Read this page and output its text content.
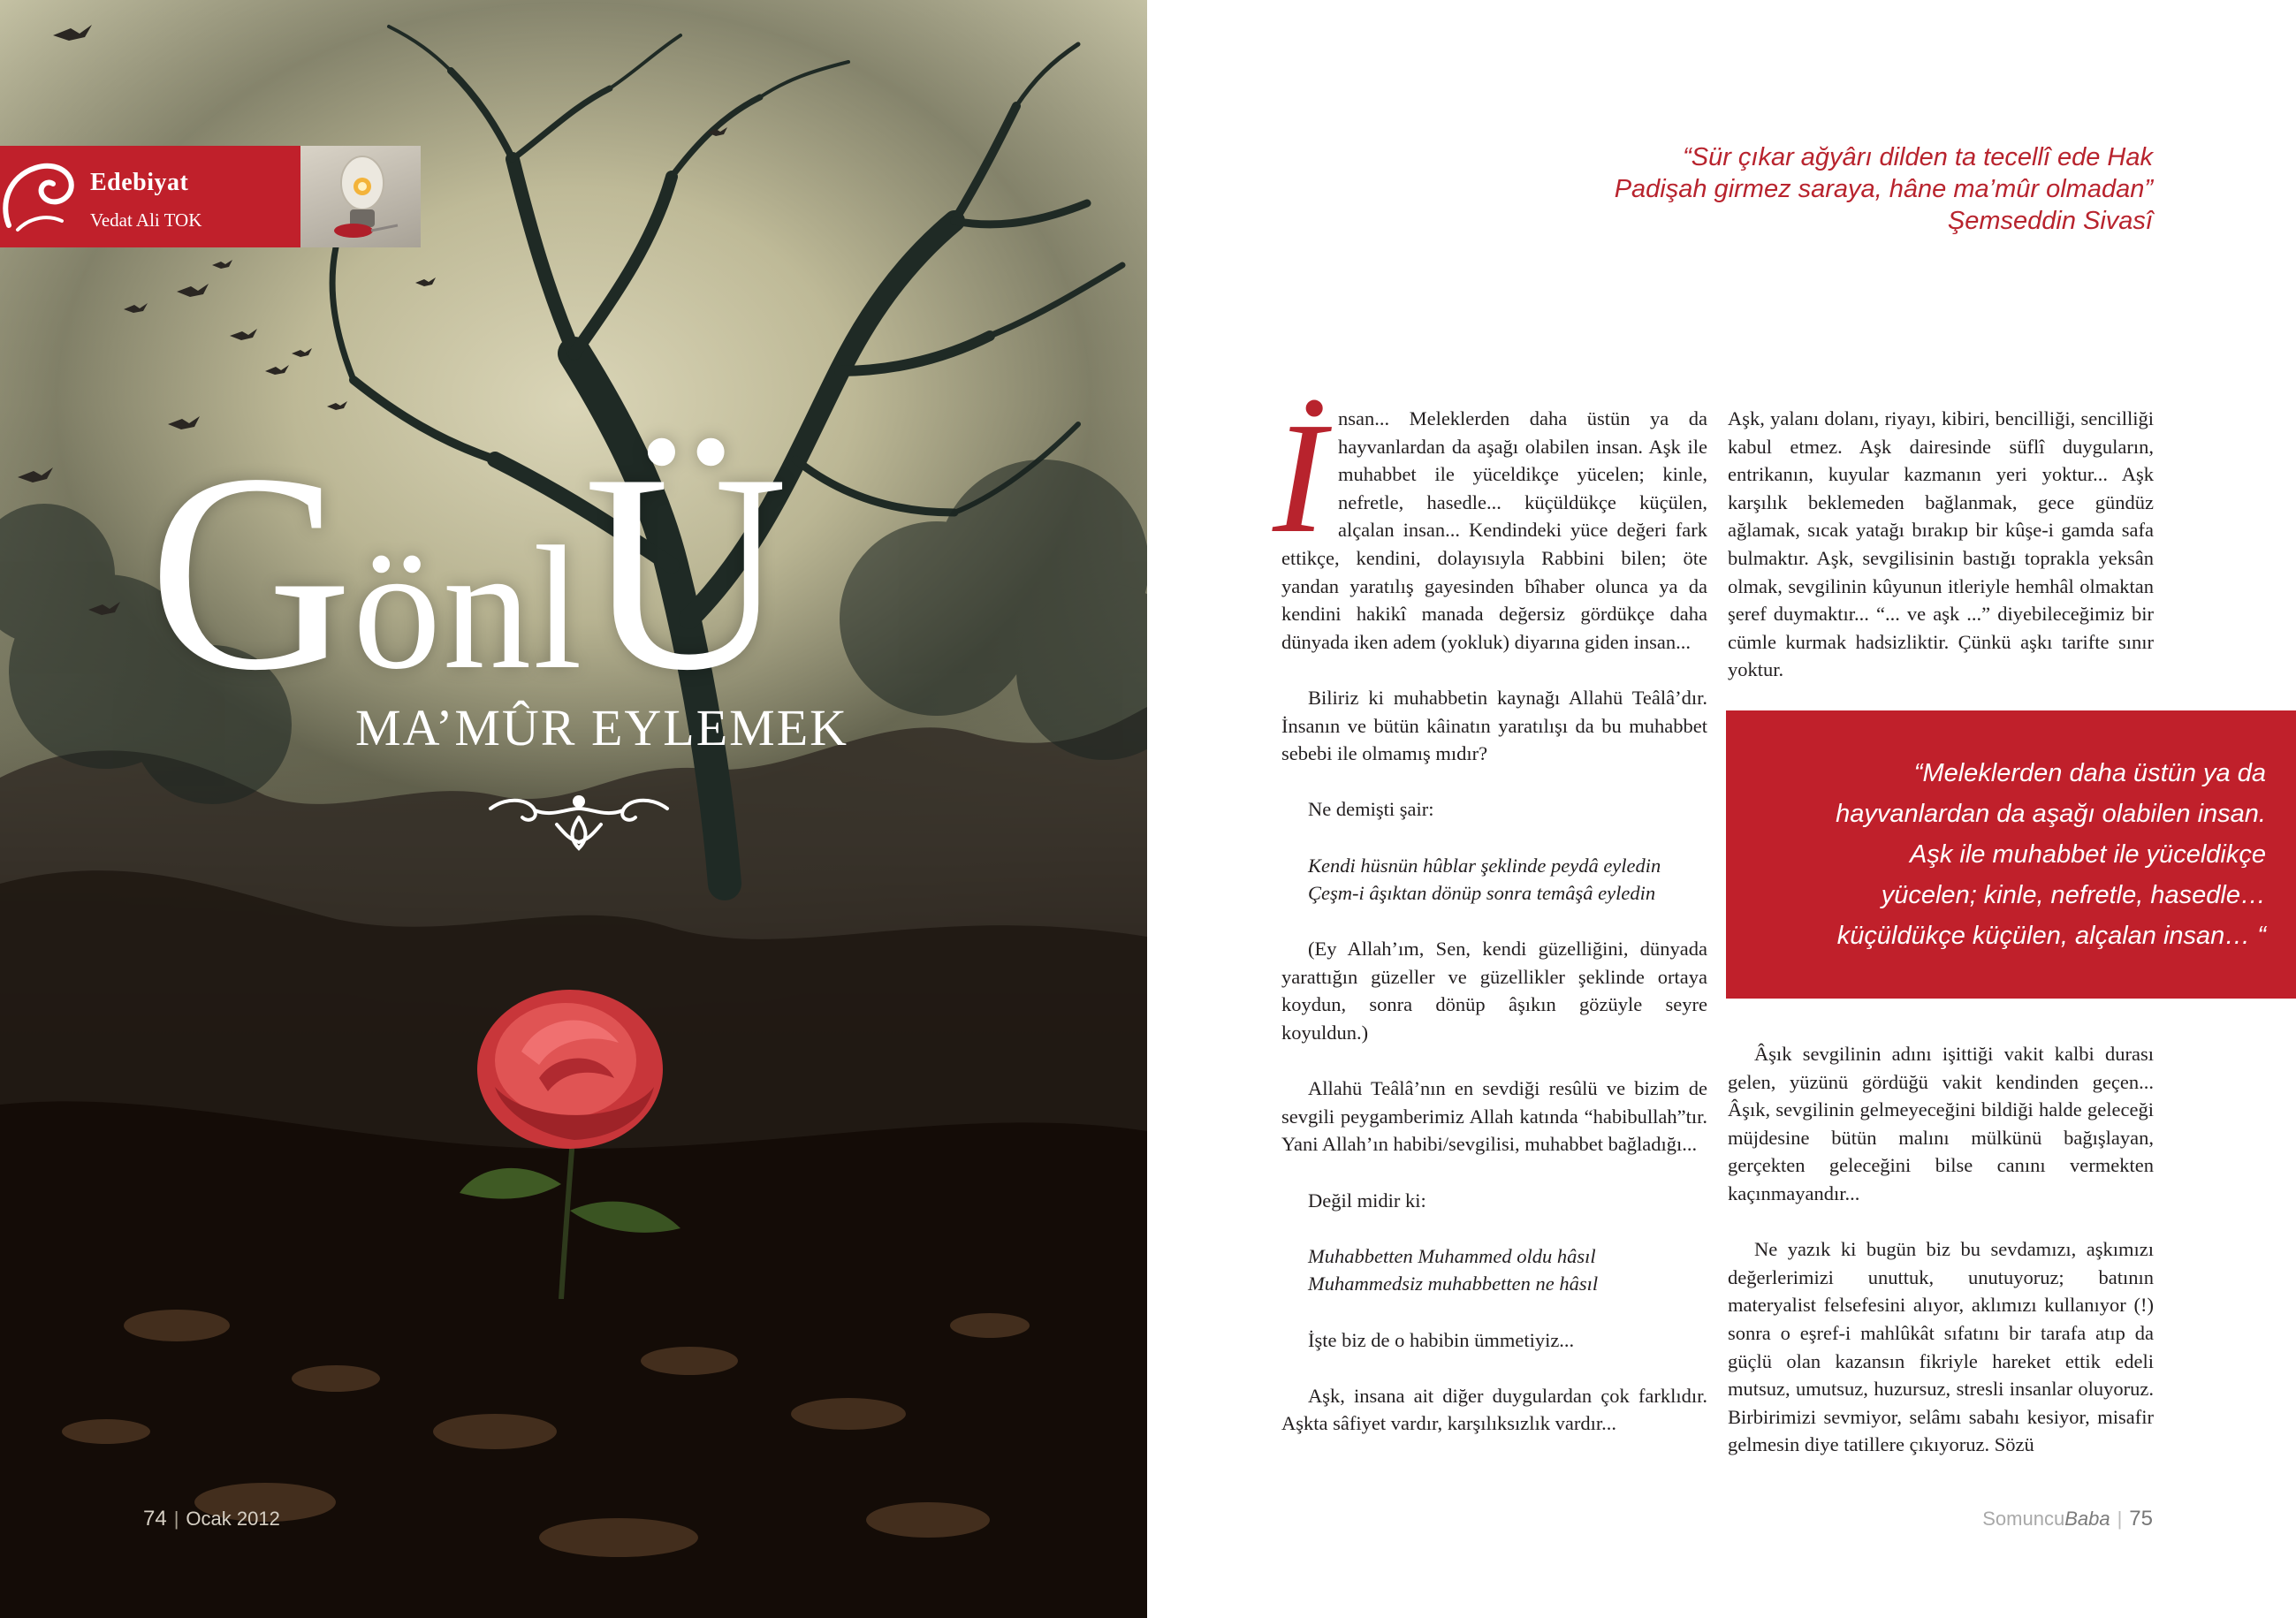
Edebiyat
Vedat Ali TOK
GönlÜ
MA’MÛR EYLEMEK
74 | Ocak 2012
“Sür çıkar ağyârı dilden ta tecellî ede Hak
Padişah girmez saraya, hâne ma’mûr olmadan”
Şemseddin Sivasî

İnsan... Meleklerden daha üstün ya da hayvanlardan da aşağı olabilen insan. Aşk ile muhabbet ile yüceldikçe yücelen; kinle, nefretle, hasedle... küçüldükçe küçülen, alçalan insan... Kendindeki yüce değeri fark ettikçe, kendini, dolayısıyla Rabbini bilen; öte yandan yaratılış gayesinden bîhaber olunca ya da kendini hakikî manada değersiz gördükçe daha dünyada iken adem (yokluk) diyarına giden insan...

Biliriz ki muhabbetin kaynağı Allahü Teâlâ’dır. İnsanın ve bütün kâinatın yaratılışı da bu muhabbet sebebi ile olmamış mıdır?

Ne demişti şair:

Kendi hüsnün hûblar şeklinde peydâ eyledin

Çeşm-i âşıktan dönüp sonra temâşâ eyledin

(Ey Allah’ım, Sen, kendi güzelliğini, dünyada yarattığın güzeller ve güzellikler şeklinde ortaya koydun, sonra dönüp âşıkın gözüyle seyre koyuldun.)

Allahü Teâlâ’nın en sevdiği resûlü ve bizim de sevgili peygamberimiz Allah katında “habibullah”tır. Yani Allah’ın habibi/sevgilisi, muhabbet bağladığı...

Değil midir ki:

Muhabbetten Muhammed oldu hâsıl

Muhammedsiz muhabbetten ne hâsıl

İşte biz de o habibin ümmetiyiz...

Aşk, insana ait diğer duygulardan çok farklıdır. Aşkta sâfiyet vardır, karşılıksızlık vardır...

Aşk, yalanı dolanı, riyayı, kibiri, bencilliği, sencilliği kabul etmez. Aşk dairesinde süflî duyguların, entrikanın, kuyular kazmanın yeri yoktur... Aşk karşılık beklemeden bağlanmak, gece gündüz ağlamak, sıcak yatağı bırakıp bir kûşe-i gamda safa bulmaktır. Aşk, sevgilisinin bastığı toprakla yeksân olmak, sevgilinin kûyunun itleriyle hemhâl olmaktan şeref duymaktır... “... ve aşk ...” diyebileceğimiz bir cümle kurmak hadsizliktir. Çünkü aşkı tarifte sınır yoktur.

“Meleklerden daha üstün ya da
hayvanlardan da aşağı olabilen insan.
Aşk ile muhabbet ile yüceldikçe
yücelen; kinle, nefretle, hasedle…
küçüldükçe küçülen, alçalan insan… “

Âşık sevgilinin adını işittiği vakit kalbi durası gelen, yüzünü gördüğü vakit kendinden geçen... Âşık, sevgilinin gelmeyeceğini bildiği halde geleceği müjdesine bütün malını mülkünü bağışlayan, gerçekten geleceğini bilse canını vermekten kaçınmayandır...

Ne yazık ki bugün biz bu sevdamızı, aşkımızı değerlerimizi unuttuk, unutuyoruz; batının materyalist felsefesini alıyor, aklımızı kullanıyor (!) sonra o eşref-i mahlûkât sıfatını bir tarafa atıp da güçlü olan kazansın fikriyle hareket ettik edeli mutsuz, umutsuz, huzursuz, stresli insanlar oluyoruz. Birbirimizi sevmiyor, selâmı sabahı kesiyor, misafir gelmesin diye tatillere çıkıyoruz. Sözü

SomuncuBaba | 75
